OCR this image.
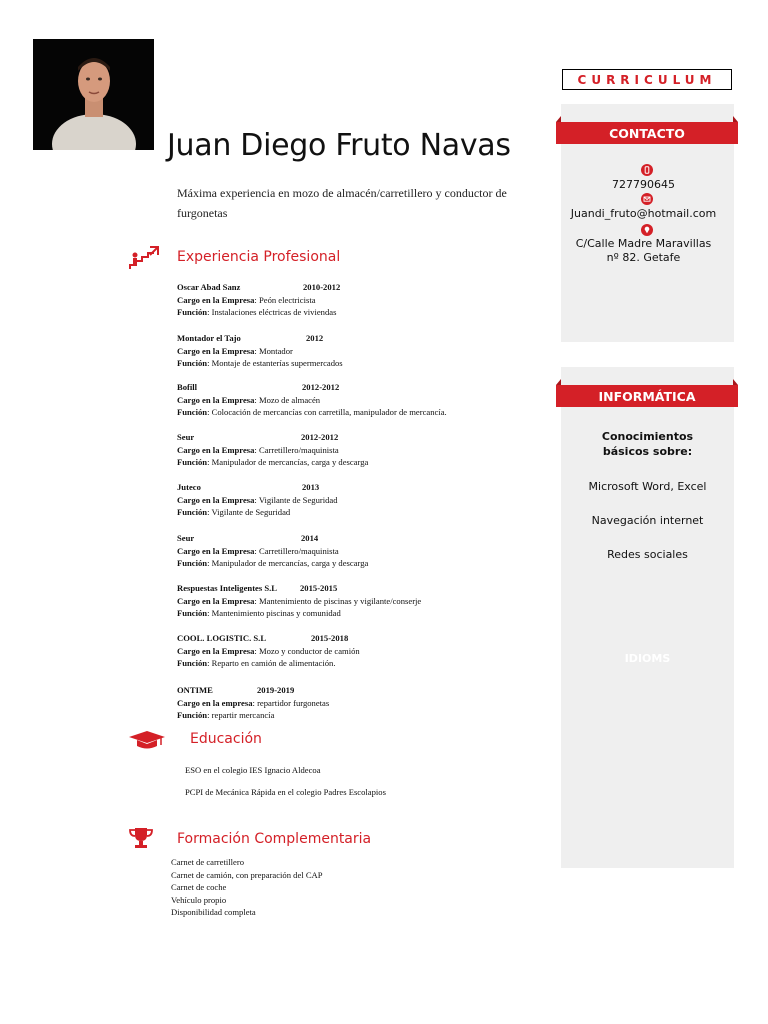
Juan Diego Fruto Navas
Máxima experiencia en mozo de almacén/carretillero y conductor de furgonetas
CURRICULUM
CONTACTO
727790645
Juandi_fruto@hotmail.com
C/Calle Madre Maravillas
nº 82. Getafe
INFORMÁTICA
Conocimientos básicos sobre:
Microsoft Word, Excel
Navegación internet
Redes sociales
IDIOMS
Experiencia Profesional
Oscar Abad Sanz	2010-2012
Cargo en la Empresa: Peón electricista
Función: Instalaciones eléctricas de viviendas
Montador el Tajo	2012
Cargo en la Empresa: Montador
Función: Montaje de estanterías supermercados
Bofill	2012-2012
Cargo en la Empresa: Mozo de almacén
Función: Colocación de mercancías con carretilla, manipulador de mercancía.
Seur	2012-2012
Cargo en la Empresa: Carretillero/maquinista
Función: Manipulador de mercancías, carga y descarga
Juteco	2013
Cargo en la Empresa: Vigilante de Seguridad
Función: Vigilante de Seguridad
Seur	2014
Cargo en la Empresa: Carretillero/maquinista
Función: Manipulador de mercancías, carga y descarga
Respuestas Inteligentes S.L	2015-2015
Cargo en la Empresa: Mantenimiento de piscinas y vigilante/conserje
Función: Mantenimiento piscinas y comunidad
COOL. LOGISTIC. S.L	2015-2018
Cargo en la Empresa: Mozo y conductor de camión
Función: Reparto en camión de alimentación.
ONTIME	2019-2019
Cargo en la empresa: repartidor furgonetas
Función: repartir mercancía
Educación
ESO en el colegio IES Ignacio Aldecoa
PCPI de Mecánica Rápida en el colegio Padres Escolapios
Formación Complementaria
Carnet de carretillero
Carnet de camión, con preparación del CAP
Carnet de coche
Vehículo propio
Disponibilidad completa
